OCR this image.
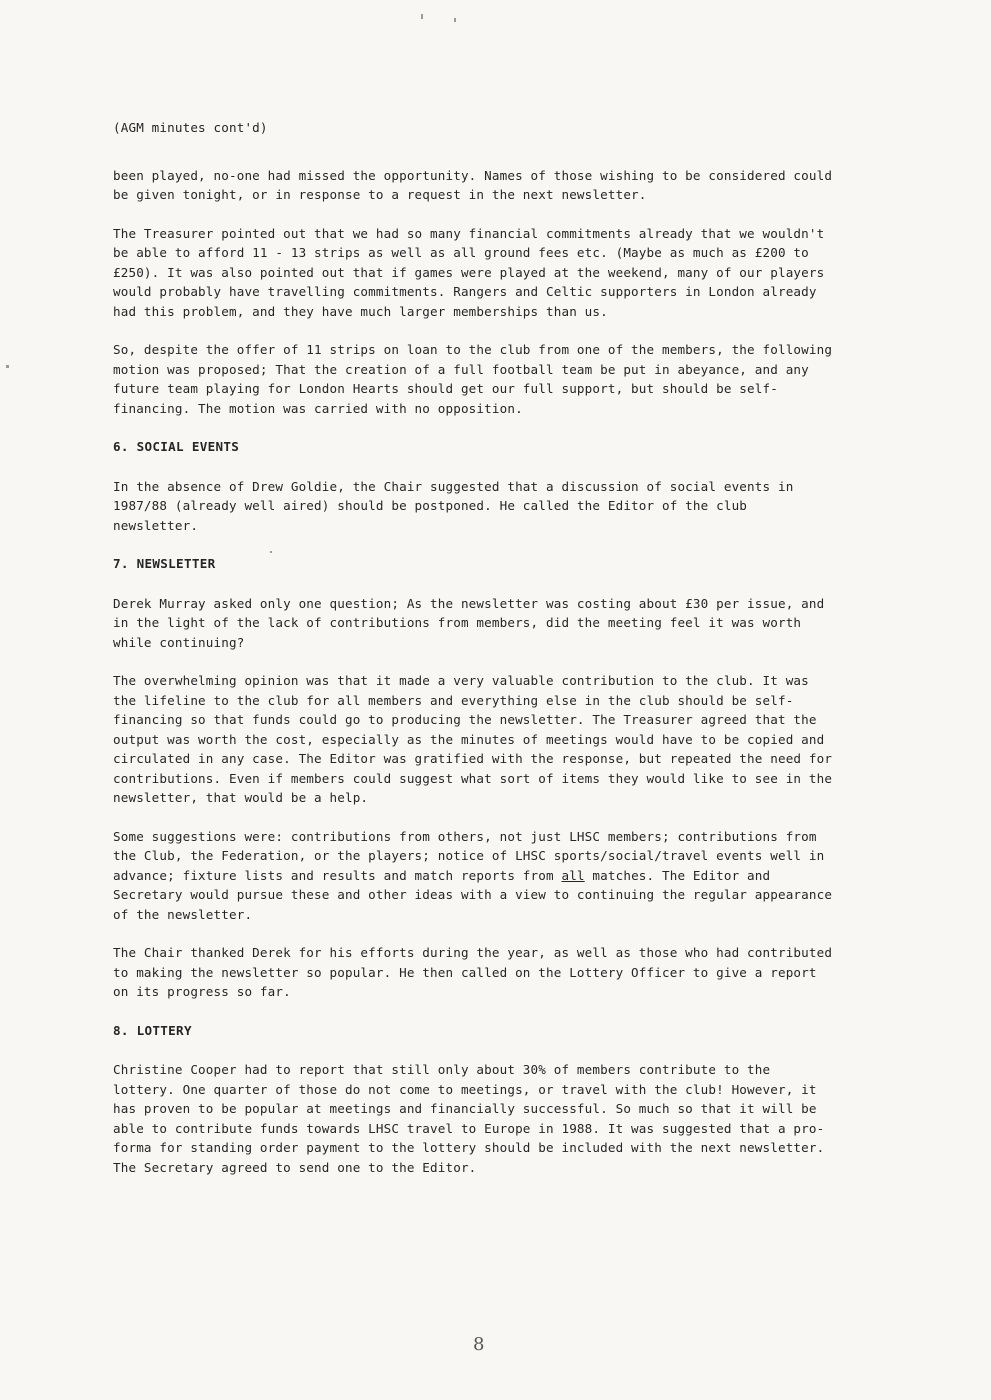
(AGM minutes cont'd)

been played, no-one had missed the opportunity. Names of those wishing to be considered could be given tonight, or in response to a request in the next newsletter.

The Treasurer pointed out that we had so many financial commitments already that we wouldn't be able to afford 11 - 13 strips as well as all ground fees etc. (Maybe as much as £200 to £250). It was also pointed out that if games were played at the weekend, many of our players would probably have travelling commitments. Rangers and Celtic supporters in London already had this problem, and they have much larger memberships than us.

So, despite the offer of 11 strips on loan to the club from one of the members, the following motion was proposed; That the creation of a full football team be put in abeyance, and any future team playing for London Hearts should get our full support, but should be self-financing. The motion was carried with no opposition.

6. SOCIAL EVENTS

In the absence of Drew Goldie, the Chair suggested that a discussion of social events in 1987/88 (already well aired) should be postponed. He called the Editor of the club newsletter.

7. NEWSLETTER

Derek Murray asked only one question; As the newsletter was costing about £30 per issue, and in the light of the lack of contributions from members, did the meeting feel it was worth while continuing?

The overwhelming opinion was that it made a very valuable contribution to the club. It was the lifeline to the club for all members and everything else in the club should be self-financing so that funds could go to producing the newsletter. The Treasurer agreed that the output was worth the cost, especially as the minutes of meetings would have to be copied and circulated in any case. The Editor was gratified with the response, but repeated the need for contributions. Even if members could suggest what sort of items they would like to see in the newsletter, that would be a help.

Some suggestions were: contributions from others, not just LHSC members; contributions from the Club, the Federation, or the players; notice of LHSC sports/social/travel events well in advance; fixture lists and results and match reports from all matches. The Editor and Secretary would pursue these and other ideas with a view to continuing the regular appearance of the newsletter.

The Chair thanked Derek for his efforts during the year, as well as those who had contributed to making the newsletter so popular. He then called on the Lottery Officer to give a report on its progress so far.

8. LOTTERY

Christine Cooper had to report that still only about 30% of members contribute to the lottery. One quarter of those do not come to meetings, or travel with the club! However, it has proven to be popular at meetings and financially successful. So much so that it will be able to contribute funds towards LHSC travel to Europe in 1988. It was suggested that a pro-forma for standing order payment to the lottery should be included with the next newsletter. The Secretary agreed to send one to the Editor.

8
